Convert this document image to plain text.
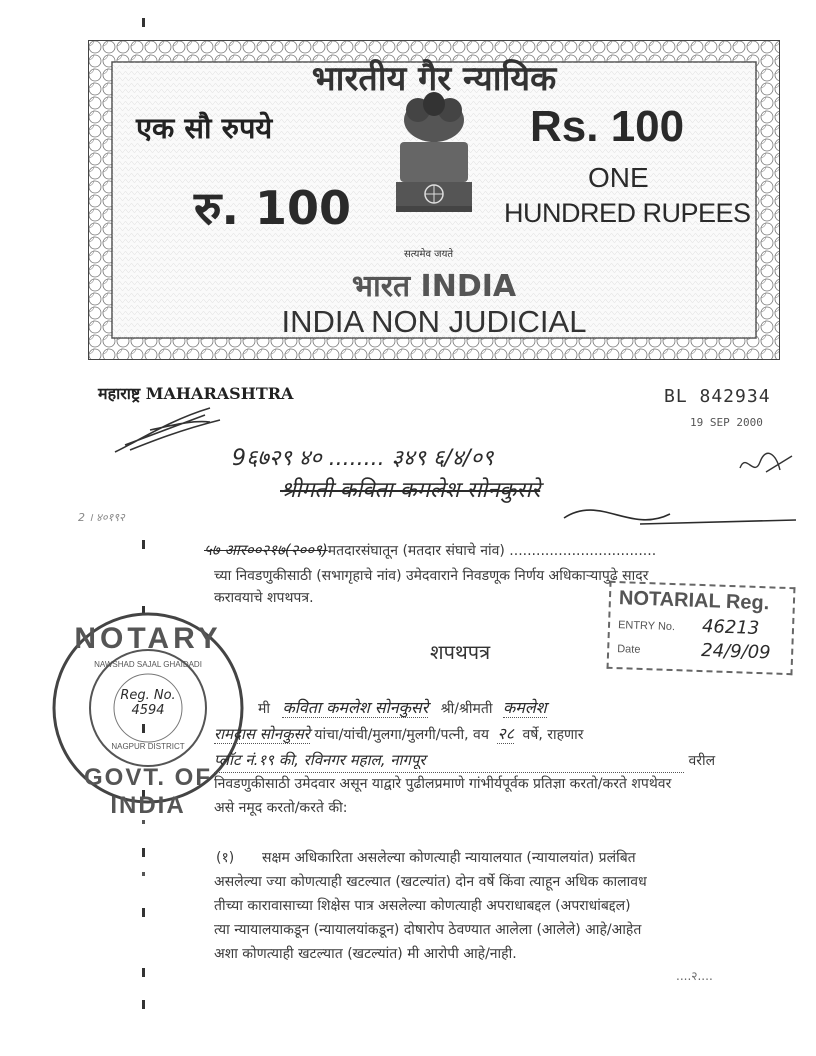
भारतीय गैर न्यायिक
एक सौ रुपये
रु. 100
Rs. 100
ONE
HUNDRED RUPEES
सत्यमेव जयते
भारत INDIA
INDIA NON JUDICIAL
महाराष्ट्र MAHARASHTRA	BL 842934
19 SEP 2000
9६७२९ ४० ........ ३४९ ६/४/०९
श्रीमती कविता कमलेश सोनकुसरे
2 । ४०१९२
५७ आर००२१७(२००९)मतदारसंघातून (मतदार संघाचे नांव) .................................
च्या निवडणुकीसाठी (सभागृहाचे नांव) उमेदवाराने निवडणूक निर्णय अधिकाऱ्यापुढे सादर
करावयाचे शपथपत्र.	NOTARIAL Reg.
ENTRY No. 46213
Date	24/9/09
NOTARY
NAWSHAD SAJAL GHAIDADI
Reg. No. 4594
NAGPUR DISTRICT
GOVT. OF INDIA
शपथपत्र
मी कविता कमलेश सोनकुसरे श्री/श्रीमती कमलेश
रामदास सोनकुसरे यांचा/यांची/मुलगा/मुलगी/पत्नी, वय २८ वर्षे, राहणार
प्लॉट नं.१९ की, रविनगर महाल, नागपूर	वरील
निवडणुकीसाठी उमेदवार असून याद्वारे पुढीलप्रमाणे गांभीर्यपूर्वक प्रतिज्ञा करतो/करते शपथेवर
असे नमूद करतो/करते की:
(१) सक्षम अधिकारिता असलेल्या कोणत्याही न्यायालयात (न्यायालयांत) प्रलंबित
असलेल्या ज्या कोणत्याही खटल्यात (खटल्यांत) दोन वर्षे किंवा त्याहून अधिक कालावध
तीच्या कारावासाच्या शिक्षेस पात्र असलेल्या कोणत्याही अपराधाबद्दल (अपराधांबद्दल)
त्या न्यायालयाकडून (न्यायालयांकडून) दोषारोप ठेवण्यात आलेला (आलेले) आहे/आहेत
अशा कोणत्याही खटल्यात (खटल्यांत) मी आरोपी आहे/नाही.
....२....
